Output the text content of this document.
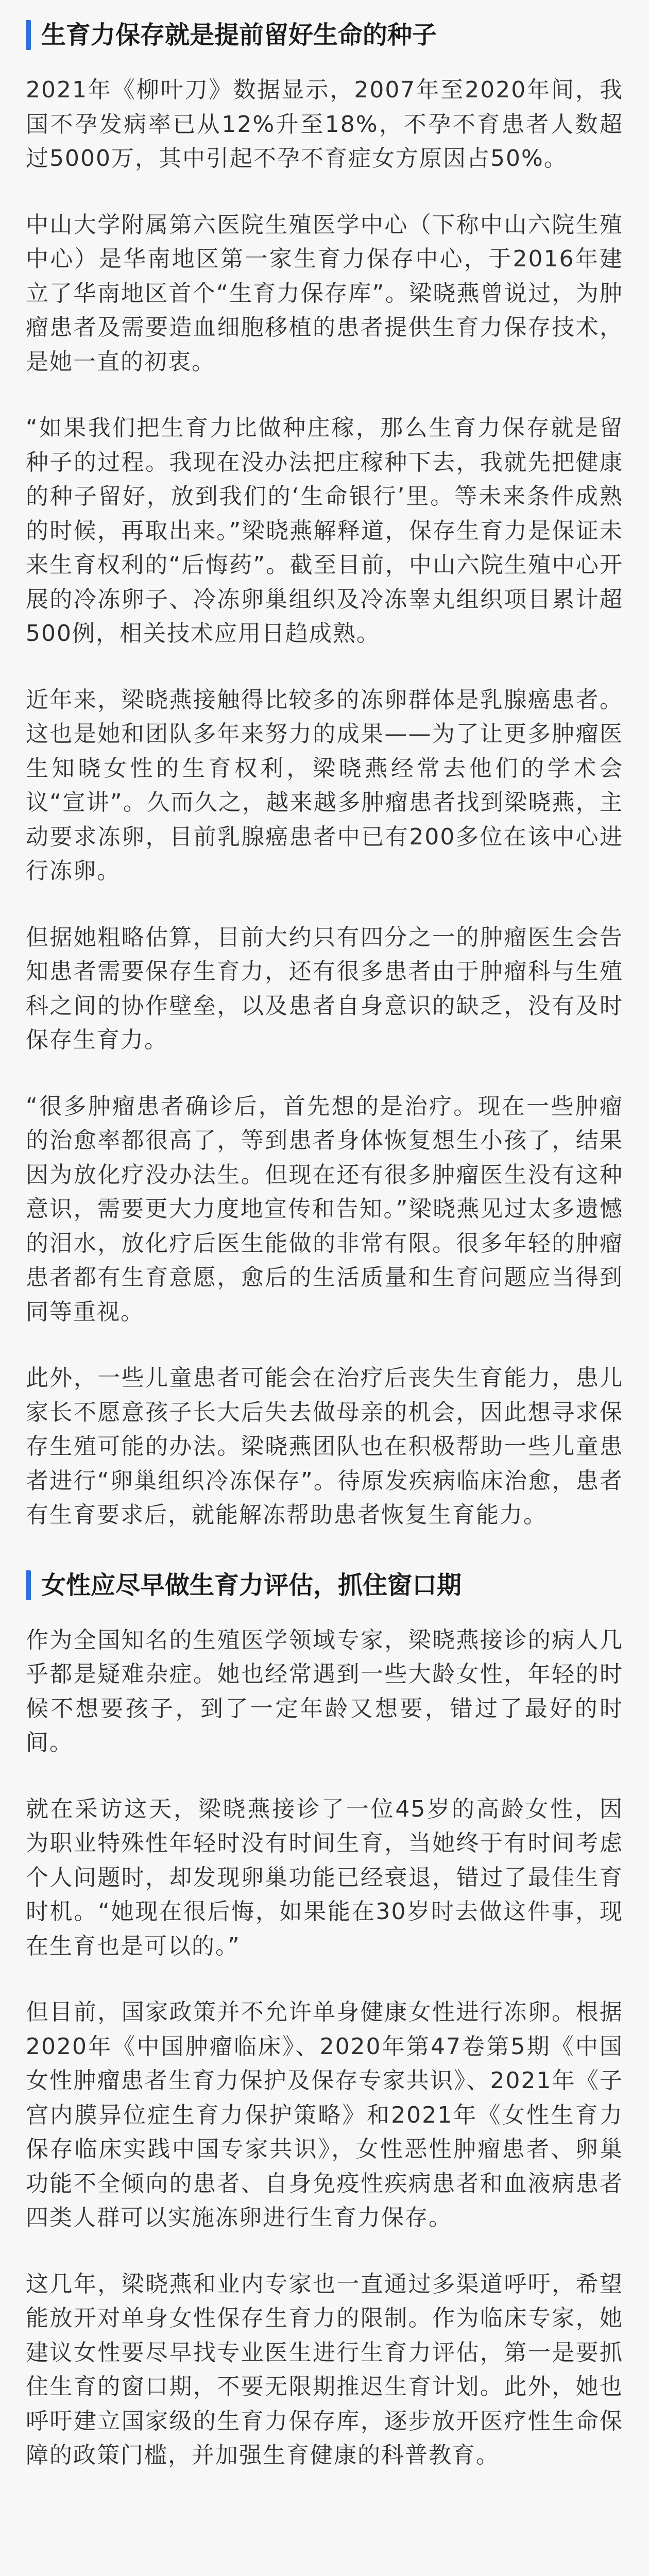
生育力保存就是提前留好生命的种子

2021年《柳叶刀》数据显示，2007年至2020年间，我国不孕发病率已从12%升至18%，不孕不育患者人数超过5000万，其中引起不孕不育症女方原因占50%。

中山大学附属第六医院生殖医学中心（下称中山六院生殖中心）是华南地区第一家生育力保存中心，于2016年建立了华南地区首个“生育力保存库”。梁晓燕曾说过，为肿瘤患者及需要造血细胞移植的患者提供生育力保存技术，是她一直的初衷。

“如果我们把生育力比做种庄稼，那么生育力保存就是留种子的过程。我现在没办法把庄稼种下去，我就先把健康的种子留好，放到我们的‘生命银行’里。等未来条件成熟的时候，再取出来。”梁晓燕解释道，保存生育力是保证未来生育权利的“后悔药”。截至目前，中山六院生殖中心开展的冷冻卵子、冷冻卵巢组织及冷冻睾丸组织项目累计超500例，相关技术应用日趋成熟。

近年来，梁晓燕接触得比较多的冻卵群体是乳腺癌患者。这也是她和团队多年来努力的成果——为了让更多肿瘤医生知晓女性的生育权利，梁晓燕经常去他们的学术会议“宣讲”。久而久之，越来越多肿瘤患者找到梁晓燕，主动要求冻卵，目前乳腺癌患者中已有200多位在该中心进行冻卵。

但据她粗略估算，目前大约只有四分之一的肿瘤医生会告知患者需要保存生育力，还有很多患者由于肿瘤科与生殖科之间的协作壁垒，以及患者自身意识的缺乏，没有及时保存生育力。

“很多肿瘤患者确诊后，首先想的是治疗。现在一些肿瘤的治愈率都很高了，等到患者身体恢复想生小孩了，结果因为放化疗没办法生。但现在还有很多肿瘤医生没有这种意识，需要更大力度地宣传和告知。”梁晓燕见过太多遗憾的泪水，放化疗后医生能做的非常有限。很多年轻的肿瘤患者都有生育意愿，愈后的生活质量和生育问题应当得到同等重视。

此外，一些儿童患者可能会在治疗后丧失生育能力，患儿家长不愿意孩子长大后失去做母亲的机会，因此想寻求保存生殖可能的办法。梁晓燕团队也在积极帮助一些儿童患者进行“卵巢组织冷冻保存”。待原发疾病临床治愈，患者有生育要求后，就能解冻帮助患者恢复生育能力。

女性应尽早做生育力评估，抓住窗口期

作为全国知名的生殖医学领域专家，梁晓燕接诊的病人几乎都是疑难杂症。她也经常遇到一些大龄女性，年轻的时候不想要孩子，到了一定年龄又想要，错过了最好的时间。

就在采访这天，梁晓燕接诊了一位45岁的高龄女性，因为职业特殊性年轻时没有时间生育，当她终于有时间考虑个人问题时，却发现卵巢功能已经衰退，错过了最佳生育时机。“她现在很后悔，如果能在30岁时去做这件事，现在生育也是可以的。”

但目前，国家政策并不允许单身健康女性进行冻卵。根据2020年《中国肿瘤临床》、2020年第47卷第5期《中国女性肿瘤患者生育力保护及保存专家共识》、2021年《子宫内膜异位症生育力保护策略》和2021年《女性生育力保存临床实践中国专家共识》，女性恶性肿瘤患者、卵巢功能不全倾向的患者、自身免疫性疾病患者和血液病患者四类人群可以实施冻卵进行生育力保存。

这几年，梁晓燕和业内专家也一直通过多渠道呼吁，希望能放开对单身女性保存生育力的限制。作为临床专家，她建议女性要尽早找专业医生进行生育力评估，第一是要抓住生育的窗口期，不要无限期推迟生育计划。此外，她也呼吁建立国家级的生育力保存库，逐步放开医疗性生命保障的政策门槛，并加强生育健康的科普教育。
